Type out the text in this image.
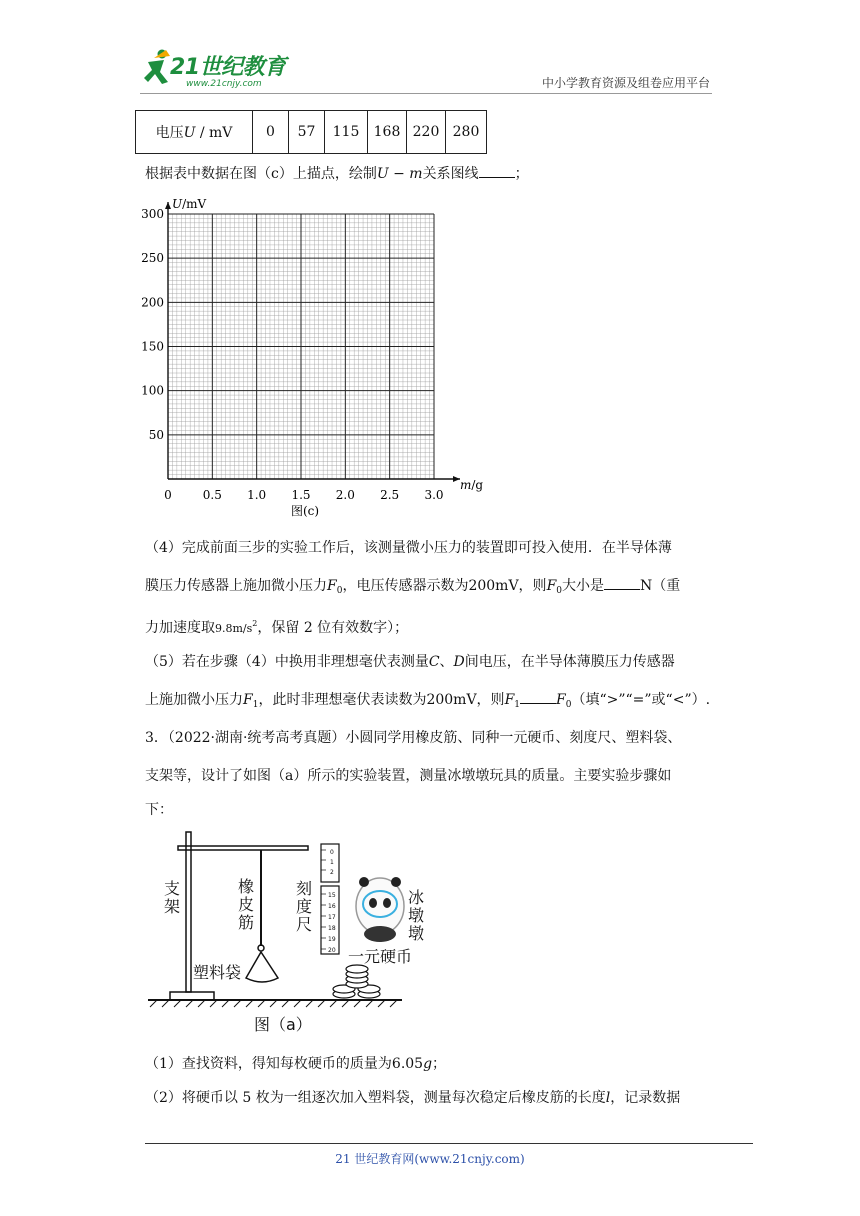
21世纪教育
www.21cnjy.com	中小学教育资源及组卷应用平台
电压U / mV	0	57	115	168	220	280
根据表中数据在图（c）上描点，绘制U − m关系图线	；
300
250
200
150
100
50
0	0.5 1.0 1.5 2.0 2.5 3.0
U/mV
m/g
图(c)
（4）完成前面三步的实验工作后，该测量微小压力的装置即可投入使用．在半导体薄
膜压力传感器上施加微小压力$F_0$，电压传感器示数为200mV，则$F_0$大小是	N（重
力加速度取$9.8m/s^2$，保留 2 位有效数字）；
（5）若在步骤（4）中换用非理想毫伏表测量C、D间电压，在半导体薄膜压力传感器
上施加微小压力$F_1$，此时非理想毫伏表读数为200mV，则$F_1$	$F_0$（填“>”“=”或“<”）.
3．（2022·湖南·统考高考真题）小圆同学用橡皮筋、同种一元硬币、刻度尺、塑料袋、
支架等，设计了如图（a）所示的实验装置，测量冰墩墩玩具的质量。主要实验步骤如
下：
0
1
2
15
16
17
18
19
20
支架
橡皮筋
刻度尺
冰墩墩
一元硬币
塑料袋
图（a）
（1）查找资料，得知每枚硬币的质量为6.05g；
（2）将硬币以 5 枚为一组逐次加入塑料袋，测量每次稳定后橡皮筋的长度l，记录数据
21 世纪教育网(www.21cnjy.com)
